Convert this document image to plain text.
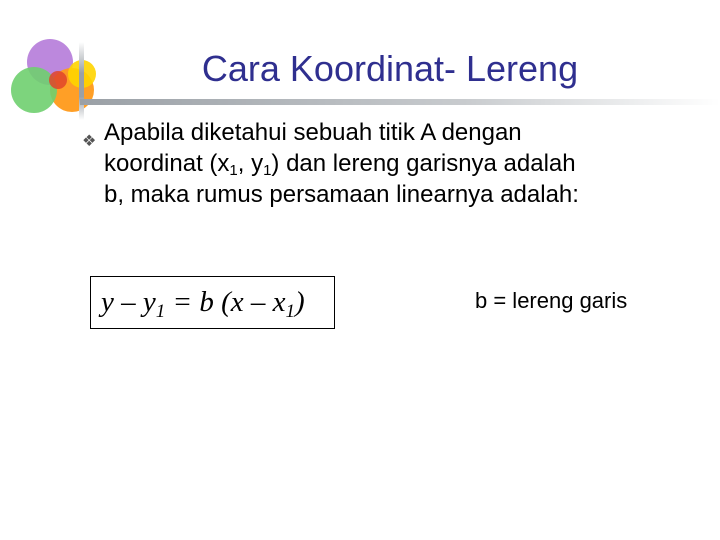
Cara Koordinat- Lereng
❖ Apabila diketahui sebuah titik A dengan
koordinat ($x_1$, $y_1$) dan lereng garisnya adalah
b, maka rumus persamaan linearnya adalah:
$y - y_1 = b$ $(x - x_1)$	b = lereng garis
